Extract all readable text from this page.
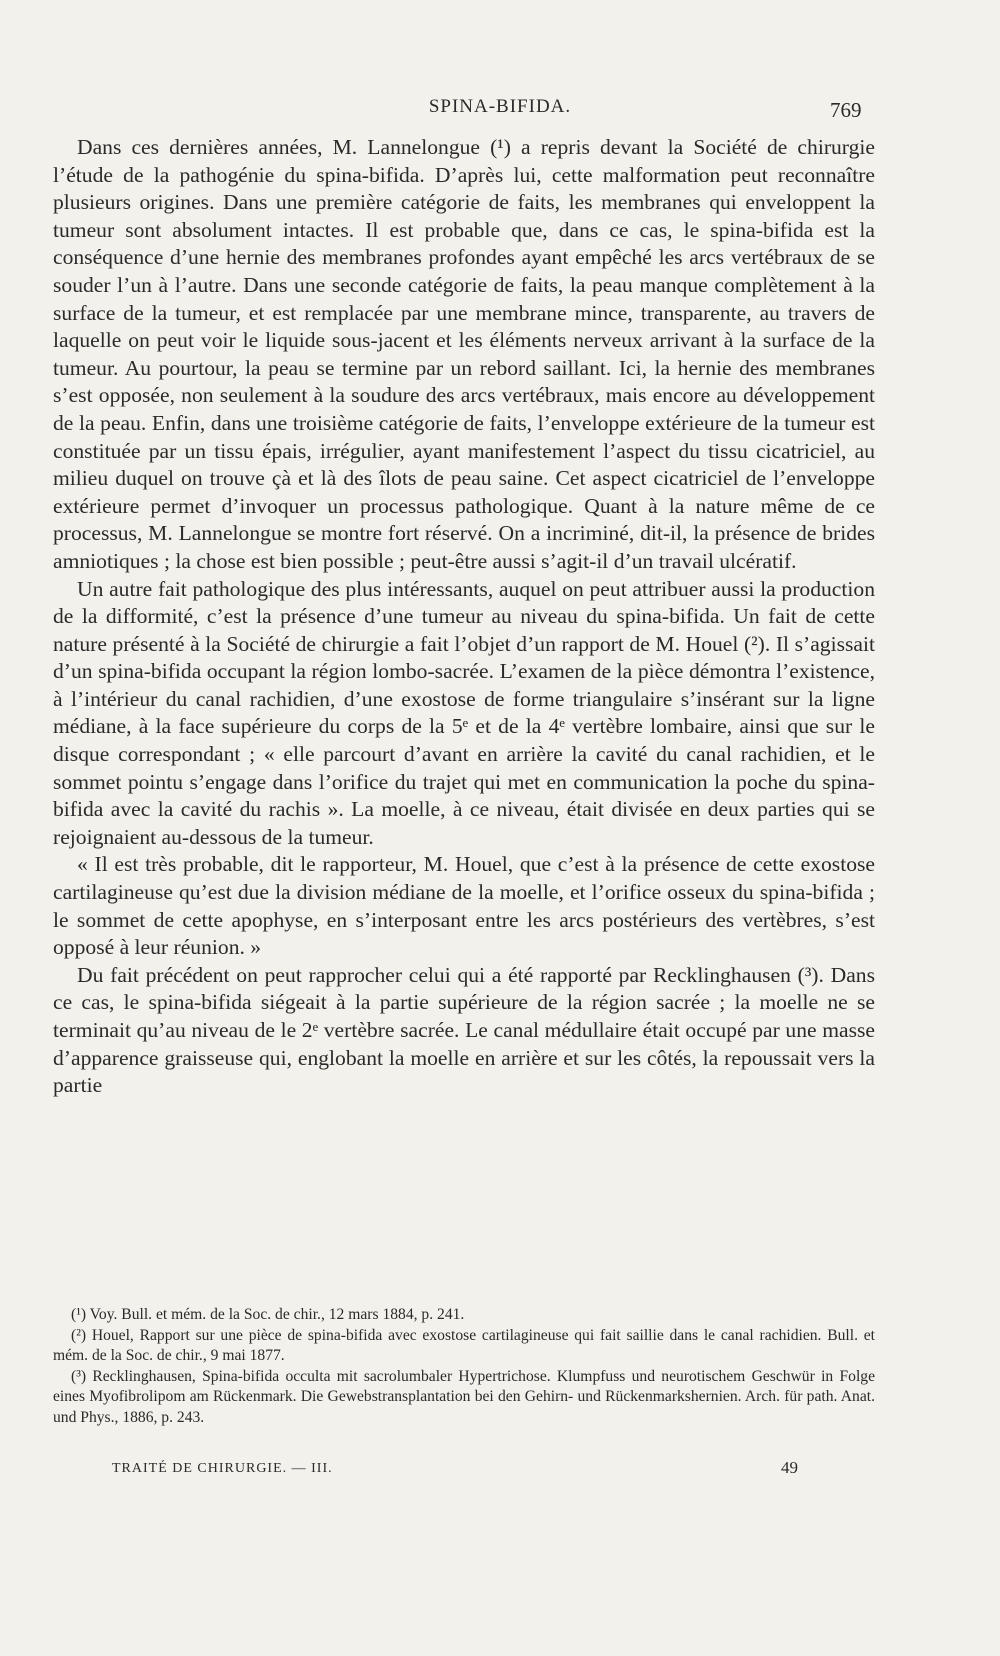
SPINA-BIFIDA.	769

Dans ces dernières années, M. Lannelongue (¹) a repris devant la Société de chirurgie l’étude de la pathogénie du spina-bifida. D’après lui, cette malformation peut reconnaître plusieurs origines. Dans une première catégorie de faits, les membranes qui enveloppent la tumeur sont absolument intactes. Il est probable que, dans ce cas, le spina-bifida est la conséquence d’une hernie des membranes profondes ayant empêché les arcs vertébraux de se souder l’un à l’autre. Dans une seconde catégorie de faits, la peau manque complètement à la surface de la tumeur, et est remplacée par une membrane mince, transparente, au travers de laquelle on peut voir le liquide sous-jacent et les éléments nerveux arrivant à la surface de la tumeur. Au pourtour, la peau se termine par un rebord saillant. Ici, la hernie des membranes s’est opposée, non seulement à la soudure des arcs vertébraux, mais encore au développement de la peau. Enfin, dans une troisième catégorie de faits, l’enveloppe extérieure de la tumeur est constituée par un tissu épais, irrégulier, ayant manifestement l’aspect du tissu cicatriciel, au milieu duquel on trouve çà et là des îlots de peau saine. Cet aspect cicatriciel de l’enveloppe extérieure permet d’invoquer un processus pathologique. Quant à la nature même de ce processus, M. Lannelongue se montre fort réservé. On a incriminé, dit-il, la présence de brides amniotiques ; la chose est bien possible ; peut-être aussi s’agit-il d’un travail ulcératif.

Un autre fait pathologique des plus intéressants, auquel on peut attribuer aussi la production de la difformité, c’est la présence d’une tumeur au niveau du spina-bifida. Un fait de cette nature présenté à la Société de chirurgie a fait l’objet d’un rapport de M. Houel (²). Il s’agissait d’un spina-bifida occupant la région lombo-sacrée. L’examen de la pièce démontra l’existence, à l’intérieur du canal rachidien, d’une exostose de forme triangulaire s’insérant sur la ligne médiane, à la face supérieure du corps de la 5ᵉ et de la 4ᵉ vertèbre lombaire, ainsi que sur le disque correspondant ; « elle parcourt d’avant en arrière la cavité du canal rachidien, et le sommet pointu s’engage dans l’orifice du trajet qui met en communication la poche du spina-bifida avec la cavité du rachis ». La moelle, à ce niveau, était divisée en deux parties qui se rejoignaient au-dessous de la tumeur.

« Il est très probable, dit le rapporteur, M. Houel, que c’est à la présence de cette exostose cartilagineuse qu’est due la division médiane de la moelle, et l’orifice osseux du spina-bifida ; le sommet de cette apophyse, en s’interposant entre les arcs postérieurs des vertèbres, s’est opposé à leur réunion. »

Du fait précédent on peut rapprocher celui qui a été rapporté par Recklinghausen (³). Dans ce cas, le spina-bifida siégeait à la partie supérieure de la région sacrée ; la moelle ne se terminait qu’au niveau de le 2ᵉ vertèbre sacrée. Le canal médullaire était occupé par une masse d’apparence graisseuse qui, englobant la moelle en arrière et sur les côtés, la repoussait vers la partie

(¹) Voy. Bull. et mém. de la Soc. de chir., 12 mars 1884, p. 241.

(²) Houel, Rapport sur une pièce de spina-bifida avec exostose cartilagineuse qui fait saillie dans le canal rachidien. Bull. et mém. de la Soc. de chir., 9 mai 1877.

(³) Recklinghausen, Spina-bifida occulta mit sacrolumbaler Hypertrichose. Klumpfuss und neurotischem Geschwür in Folge eines Myofibrolipom am Rückenmark. Die Gewebstransplantation bei den Gehirn- und Rückenmarkshernien. Arch. für path. Anat. und Phys., 1886, p. 243.

TRAITÉ DE CHIRURGIE. — III.	49
